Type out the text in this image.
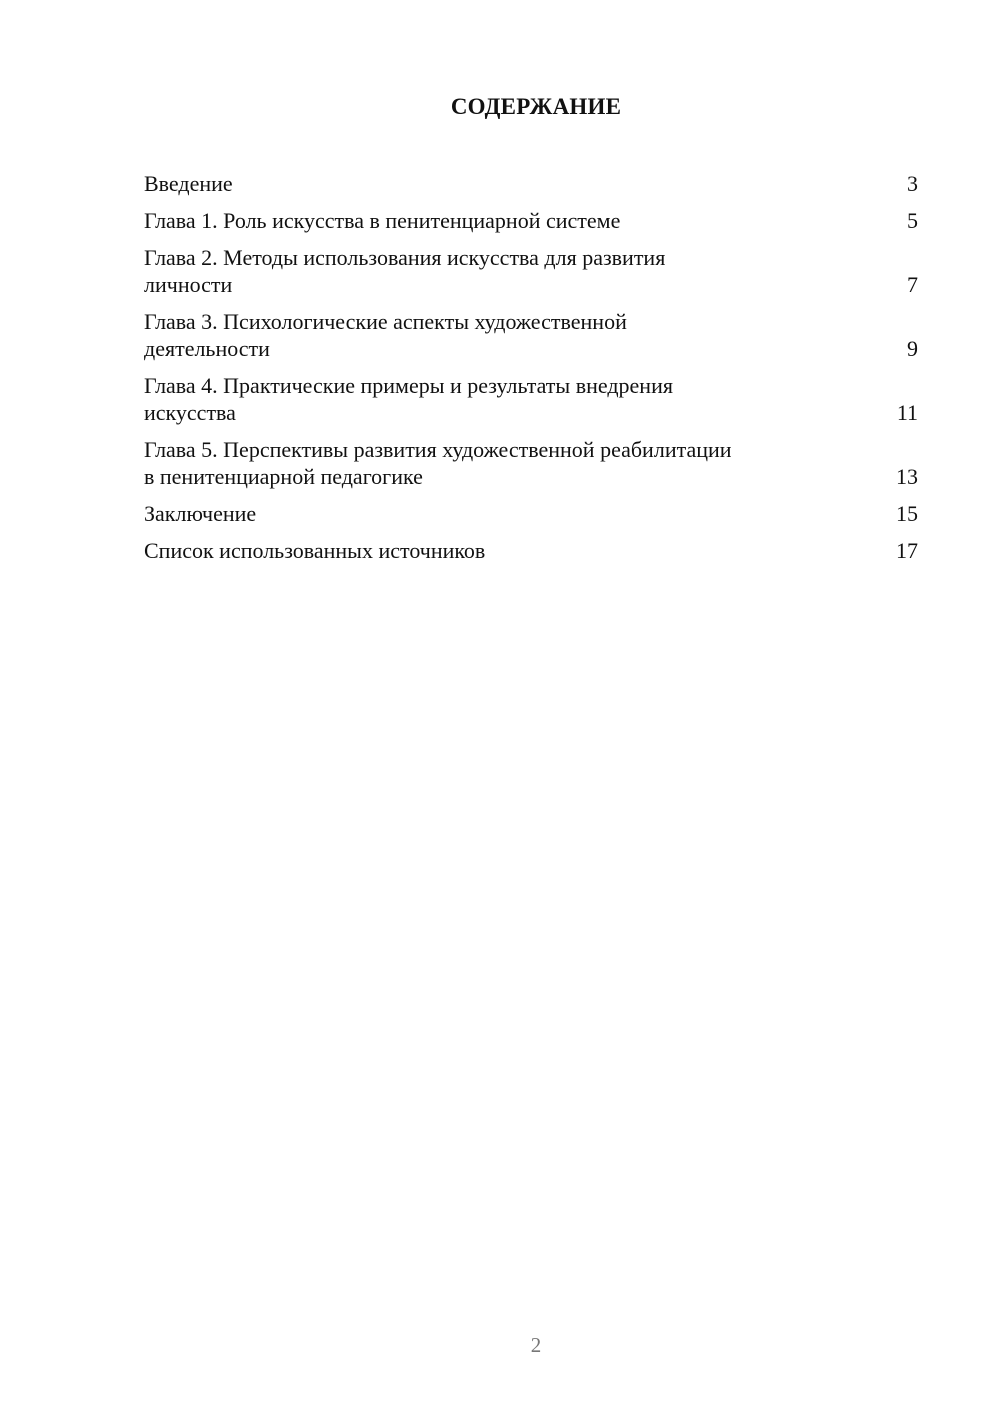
СОДЕРЖАНИЕ
Введение	3
Глава 1. Роль искусства в пенитенциарной системе	5
Глава 2. Методы использования искусства для развития
личности	7
Глава 3. Психологические аспекты художественной
деятельности	9
Глава 4. Практические примеры и результаты внедрения
искусства	11
Глава 5. Перспективы развития художественной реабилитации
в пенитенциарной педагогике	13
Заключение	15
Список использованных источников	17
2
